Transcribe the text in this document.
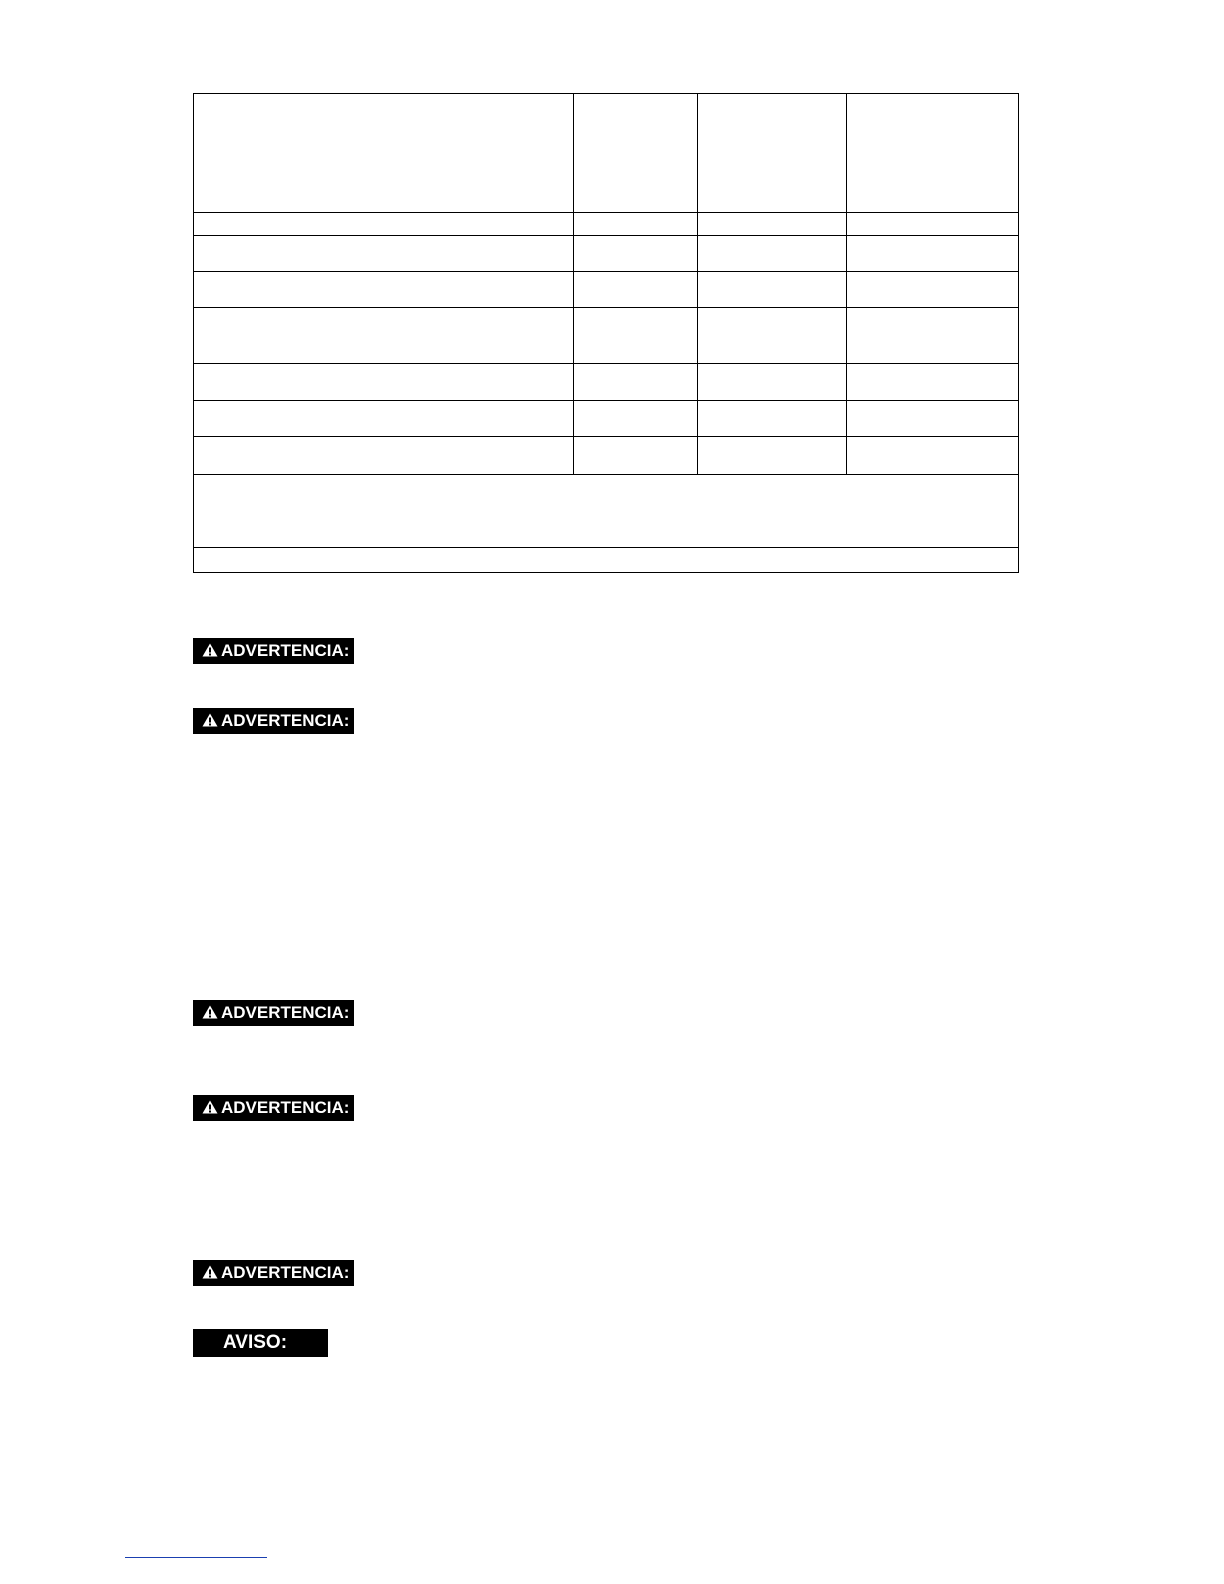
ADVERTENCIA:
ADVERTENCIA:
ADVERTENCIA:
ADVERTENCIA:
ADVERTENCIA:
AVISO:
